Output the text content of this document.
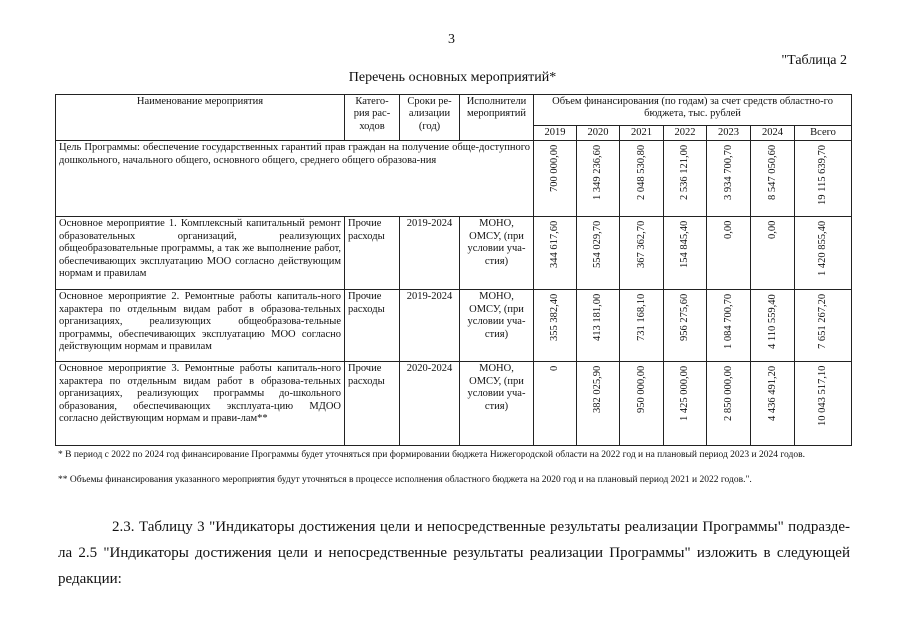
3
"Таблица 2
Перечень основных мероприятий*
Наименование мероприятия	Катего-рия рас-ходов	Сроки ре-ализации (год)	Исполнители мероприятий	Объем финансирования (по годам) за счет средств областно-го бюджета, тыс. рублей						
				2019	2020	2021	2022	2023	2024	Всего
Цель Программы: обеспечение государственных гарантий прав граждан на получение обще-доступного дошкольного, начального общего, основного общего, среднего общего образова-ния				700 000,00	1 349 236,60	2 048 530,80	2 536 121,00	3 934 700,70	8 547 050,60	19 115 639,70

Основное мероприятие 1. Комплексный капитальный ремонт образовательных организаций, реализующих общеобразовательные программы, а так же выполнение работ, обеспечивающих эксплуатацию МОО согласно действующим нормам и правилам	Прочие расходы	2019-2024	МОНО, ОМСУ, (при условии уча-стия)	344 617,60	554 029,70	367 362,70	154 845,40	0,00	0,00	1 420 855,40

Основное мероприятие 2. Ремонтные работы капиталь-ного характера по отдельным видам работ в образова-тельных организациях, реализующих общеобразова-тельные программы, обеспечивающих эксплуатацию МОО согласно действующим нормам и правилам	Прочие расходы	2019-2024	МОНО, ОМСУ, (при условии уча-стия)	355 382,40	413 181,00	731 168,10	956 275,60	1 084 700,70	4 110 559,40	7 651 267,20

Основное мероприятие 3. Ремонтные работы капиталь-ного характера по отдельным видам работ в образова-тельных организациях, реализующих программы до-школьного образования, обеспечивающих эксплуата-цию МДОО согласно действующим нормам и прави-лам**	Прочие расходы	2020-2024	МОНО, ОМСУ, (при условии уча-стия)	0	382 025,90	950 000,00	1 425 000,00	2 850 000,00	4 436 491,20	10 043 517,10
* В период с 2022 по 2024 год финансирование Программы будет уточняться при формировании бюджета Нижегородской области на 2022 год и на плановый период 2023 и 2024 годов.
** Объемы финансирования указанного мероприятия будут уточняться в процессе исполнения областного бюджета на 2020 год и на плановый период 2021 и 2022 годов.".
2.3. Таблицу 3 "Индикаторы достижения цели и непосредственные результаты реализации Программы" подразде-ла 2.5 "Индикаторы достижения цели и непосредственные результаты реализации Программы" изложить в следующей редакции:
